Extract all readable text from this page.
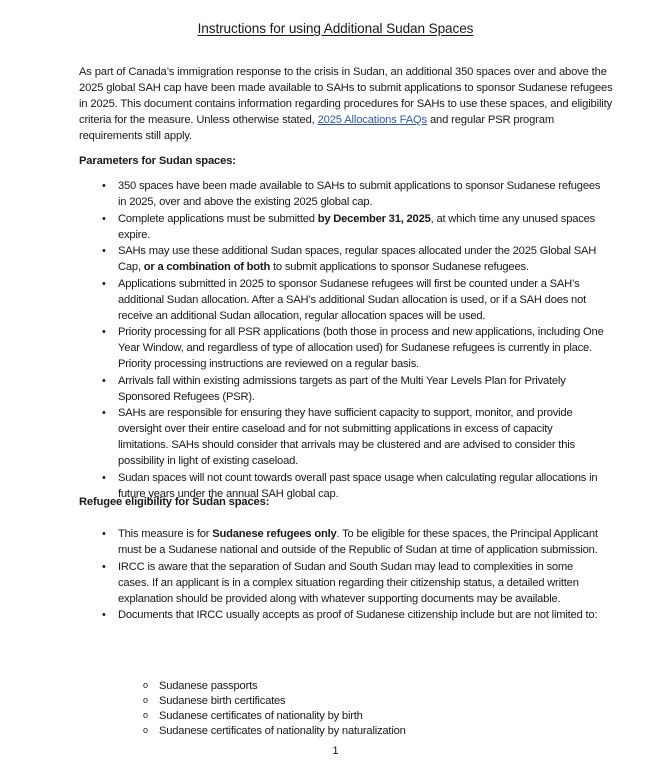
Instructions for using Additional Sudan Spaces

As part of Canada’s immigration response to the crisis in Sudan, an additional 350 spaces over and above the 2025 global SAH cap have been made available to SAHs to submit applications to sponsor Sudanese refugees in 2025. This document contains information regarding procedures for SAHs to use these spaces, and eligibility criteria for the measure. Unless otherwise stated, 2025 Allocations FAQs and regular PSR program requirements still apply.

Parameters for Sudan spaces:
• 350 spaces have been made available to SAHs to submit applications to sponsor Sudanese refugees in 2025, over and above the existing 2025 global cap.
• Complete applications must be submitted by December 31, 2025, at which time any unused spaces expire.
• SAHs may use these additional Sudan spaces, regular spaces allocated under the 2025 Global SAH Cap, or a combination of both to submit applications to sponsor Sudanese refugees.
• Applications submitted in 2025 to sponsor Sudanese refugees will first be counted under a SAH’s additional Sudan allocation. After a SAH’s additional Sudan allocation is used, or if a SAH does not receive an additional Sudan allocation, regular allocation spaces will be used.
• Priority processing for all PSR applications (both those in process and new applications, including One Year Window, and regardless of type of allocation used) for Sudanese refugees is currently in place. Priority processing instructions are reviewed on a regular basis.
• Arrivals fall within existing admissions targets as part of the Multi Year Levels Plan for Privately Sponsored Refugees (PSR).
• SAHs are responsible for ensuring they have sufficient capacity to support, monitor, and provide oversight over their entire caseload and for not submitting applications in excess of capacity limitations. SAHs should consider that arrivals may be clustered and are advised to consider this possibility in light of existing caseload.
• Sudan spaces will not count towards overall past space usage when calculating regular allocations in future years under the annual SAH global cap.
Refugee eligibility for Sudan spaces:
• This measure is for Sudanese refugees only. To be eligible for these spaces, the Principal Applicant must be a Sudanese national and outside of the Republic of Sudan at time of application submission.
• IRCC is aware that the separation of Sudan and South Sudan may lead to complexities in some cases. If an applicant is in a complex situation regarding their citizenship status, a detailed written explanation should be provided along with whatever supporting documents may be available.
• Documents that IRCC usually accepts as proof of Sudanese citizenship include but are not limited to:
o Sudanese passports
o Sudanese birth certificates
o Sudanese certificates of nationality by birth
o Sudanese certificates of nationality by naturalization
1
